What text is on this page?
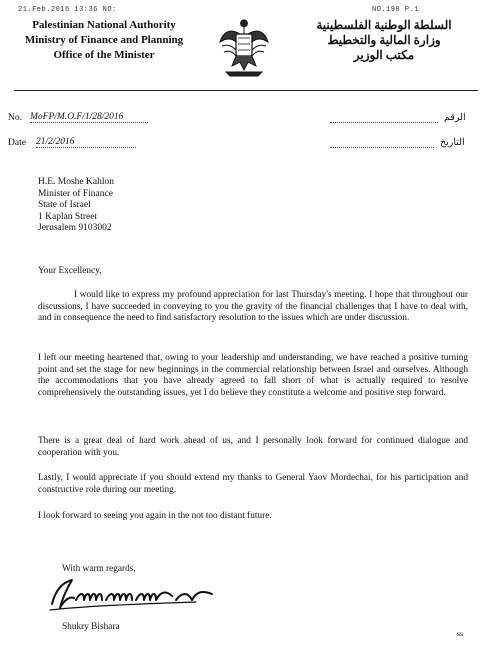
21.Feb.2016 13:36 NO:	NO.190 P.1
Palestinian National Authority
Ministry of Finance and Planning
Office of the Minister
السلطة الوطنية الفلسطينية
وزارة المالية والتخطيط
مكتب الوزير
No. MoFP/M.O.F/1/28/2016	الرقم
Date 21/2/2016	التاريخ
H.E. Moshe Kahlon
Minister of Finance
State of Israel
1 Kaplan Street
Jerusalem 9103002
Your Excellency,
I would like to express my profound appreciation for last Thursday's meeting. I hope that throughout our discussions, I have succeeded in conveying to you the gravity of the financial challenges that I have to deal with, and in consequence the need to find satisfactory resolution to the issues which are under discussion.
I left our meeting heartened that, owing to your leadership and understanding, we have reached a positive turning point and set the stage for new beginnings in the commercial relationship between Israel and ourselves. Although the accommodations that you have already agreed to fall short of what is actually required to resolve comprehensively the outstanding issues, yet I do believe they constitute a welcome and positive step forward.
There is a great deal of hard work ahead of us, and I personally look forward for continued dialogue and cooperation with you.
Lastly, I would appreciate if you should extend my thanks to General Yaov Mordechai, for his participation and constructive role during our meeting.
I look forward to seeing you again in the not too distant future.
With warm regards,
Shukry Bishara
ss
